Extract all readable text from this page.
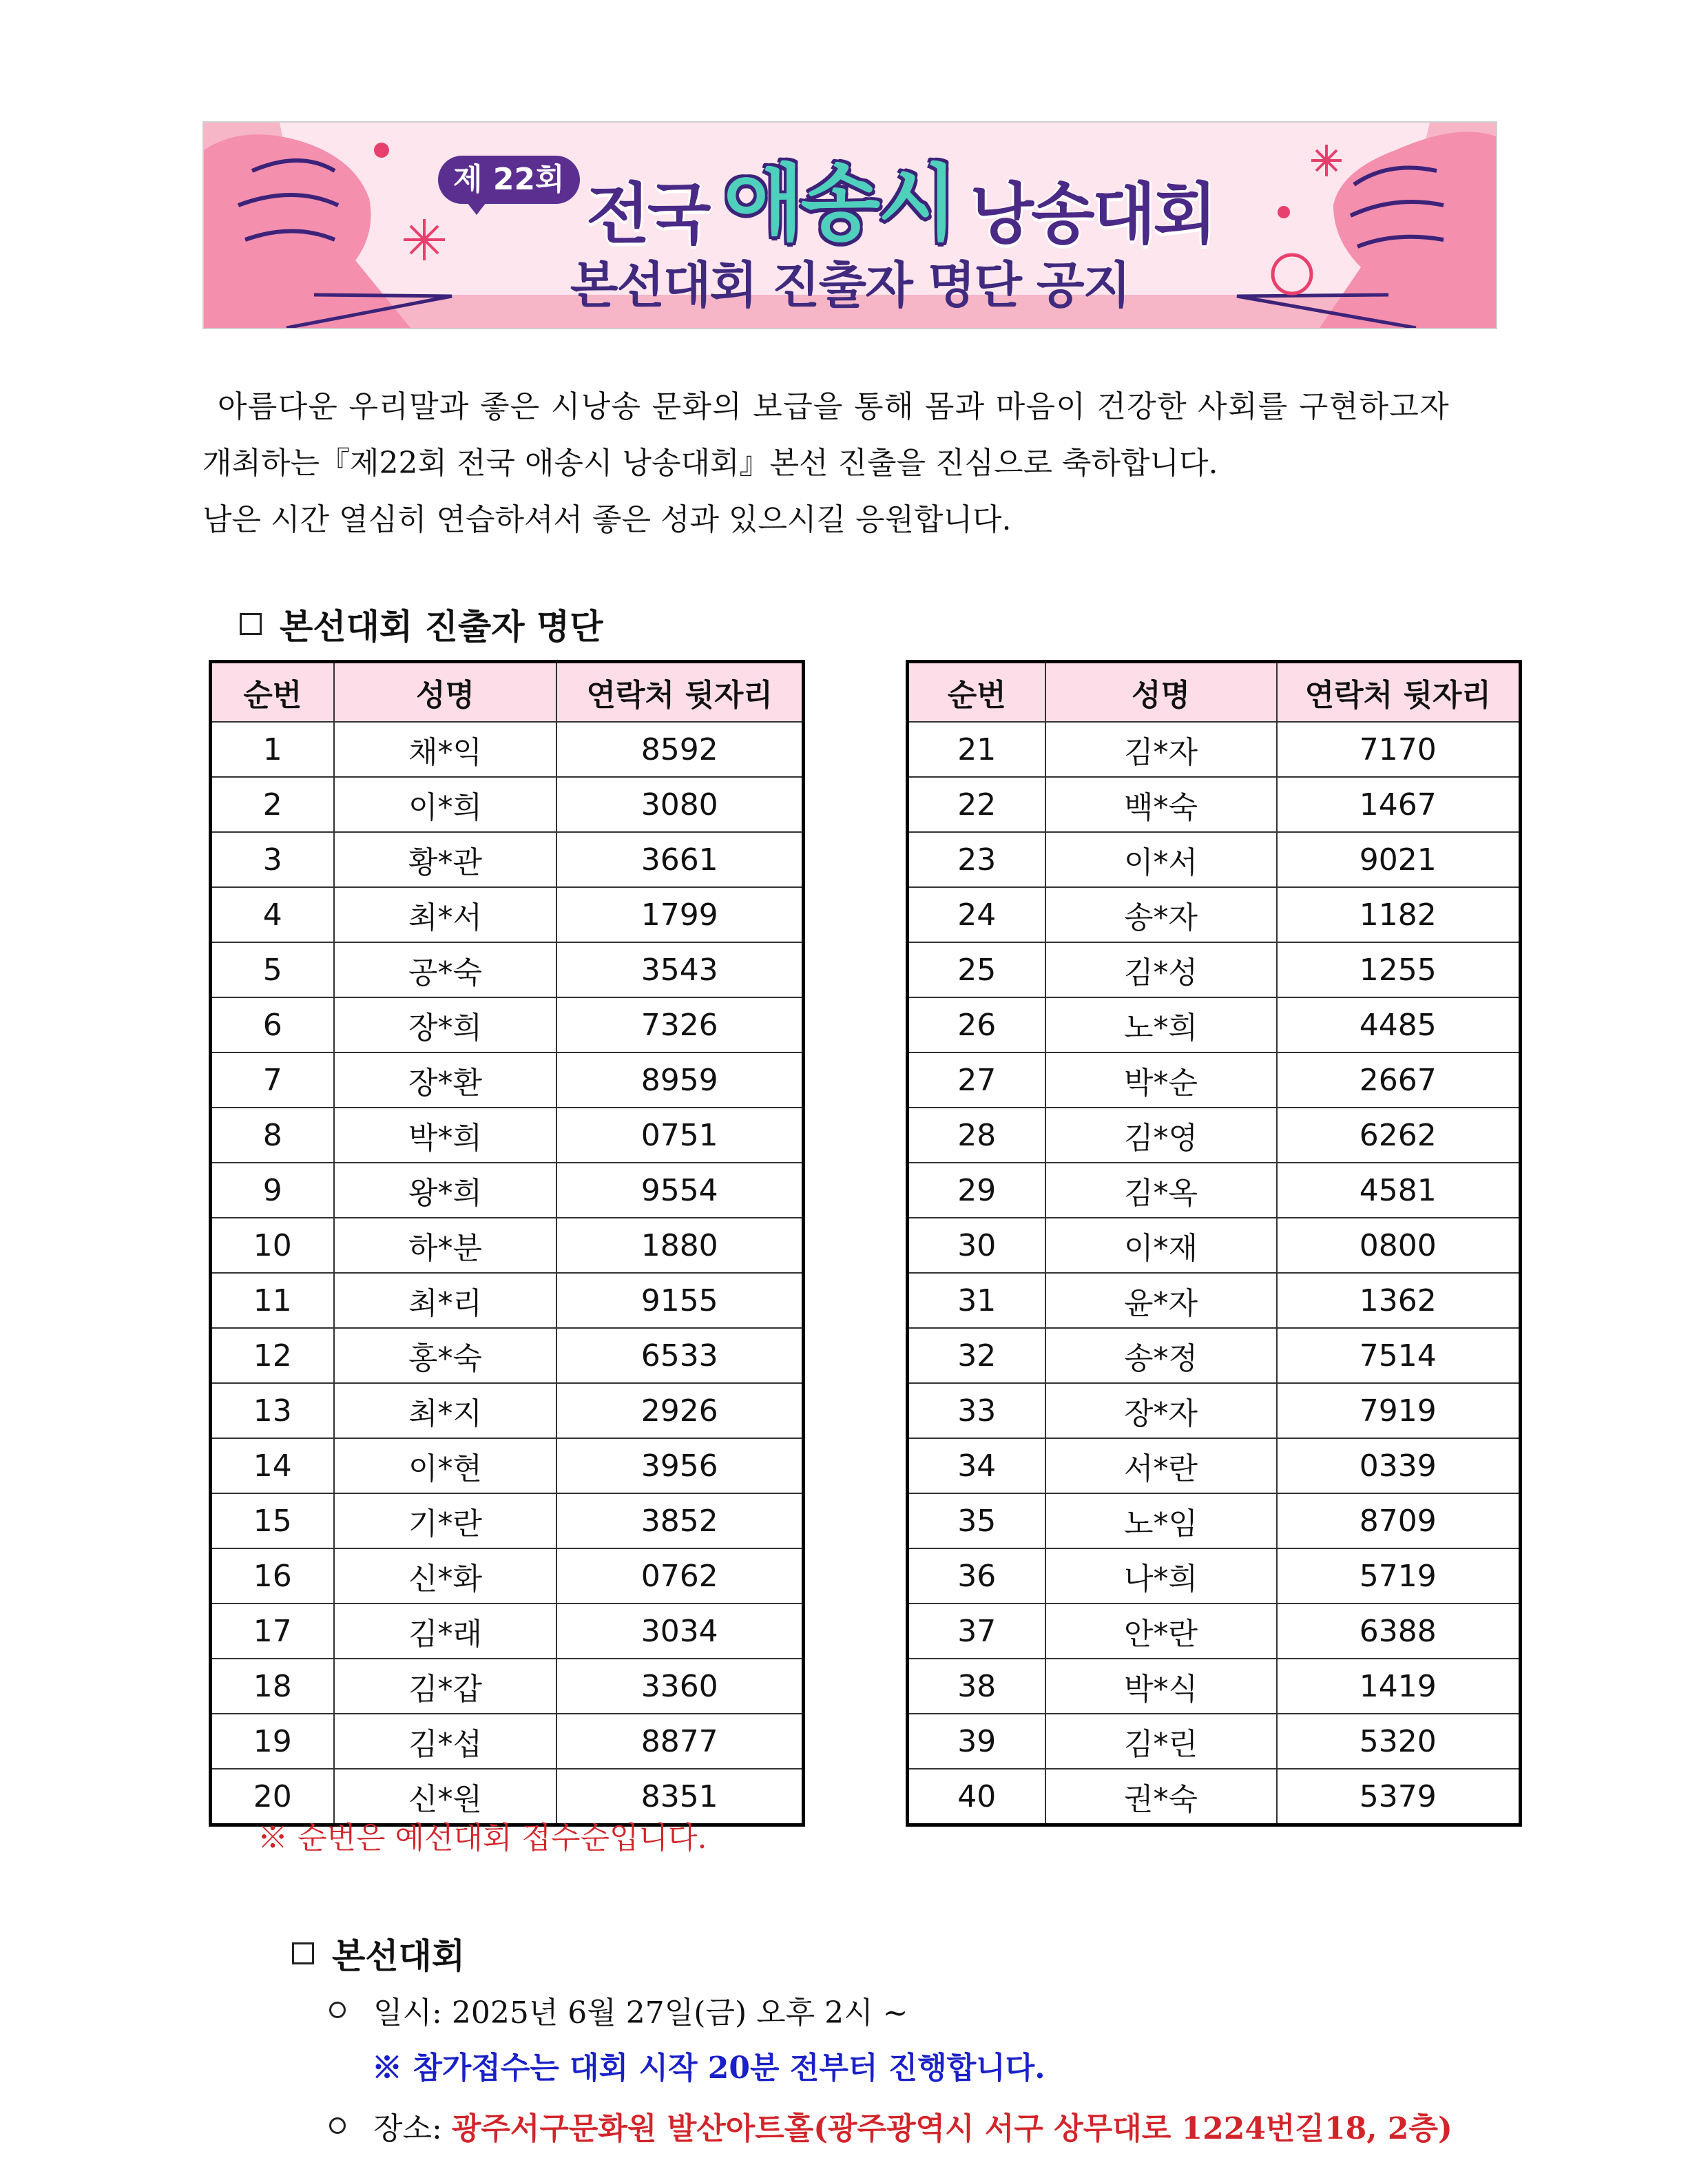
제 22회 전국 애송시 낭송대회
본선대회 진출자 명단 공지

아름다운 우리말과 좋은 시낭송 문화의 보급을 통해 몸과 마음이 건강한 사회를 구현하고자

개최하는『제22회 전국 애송시 낭송대회』본선 진출을 진심으로 축하합니다.

남은 시간 열심히 연습하셔서 좋은 성과 있으시길 응원합니다.

본선대회 진출자 명단
순번	성명	연락처 뒷자리
1	채*익	8592
2	이*희	3080
3	황*관	3661
4	최*서	1799
5	공*숙	3543
6	장*희	7326
7	장*환	8959
8	박*희	0751
9	왕*희	9554
10	하*분	1880
11	최*리	9155
12	홍*숙	6533
13	최*지	2926
14	이*현	3956
15	기*란	3852
16	신*화	0762
17	김*래	3034
18	김*갑	3360
19	김*섭	8877
20	신*원	8351
순번	성명	연락처 뒷자리
21	김*자	7170
22	백*숙	1467
23	이*서	9021
24	송*자	1182
25	김*성	1255
26	노*희	4485
27	박*순	2667
28	김*영	6262
29	김*옥	4581
30	이*재	0800
31	윤*자	1362
32	송*정	7514
33	장*자	7919
34	서*란	0339
35	노*임	8709
36	나*희	5719
37	안*란	6388
38	박*식	1419
39	김*린	5320
40	권*숙	5379
※ 순번은 예선대회 접수순입니다.
본선대회
일시:
2025년 6월 27일(금) 오후 2시 ~
※ 참가접수는 대회 시작 20분 전부터 진행합니다.
장소:
광주서구문화원 발산아트홀(광주광역시 서구 상무대로 1224번길18, 2층)
